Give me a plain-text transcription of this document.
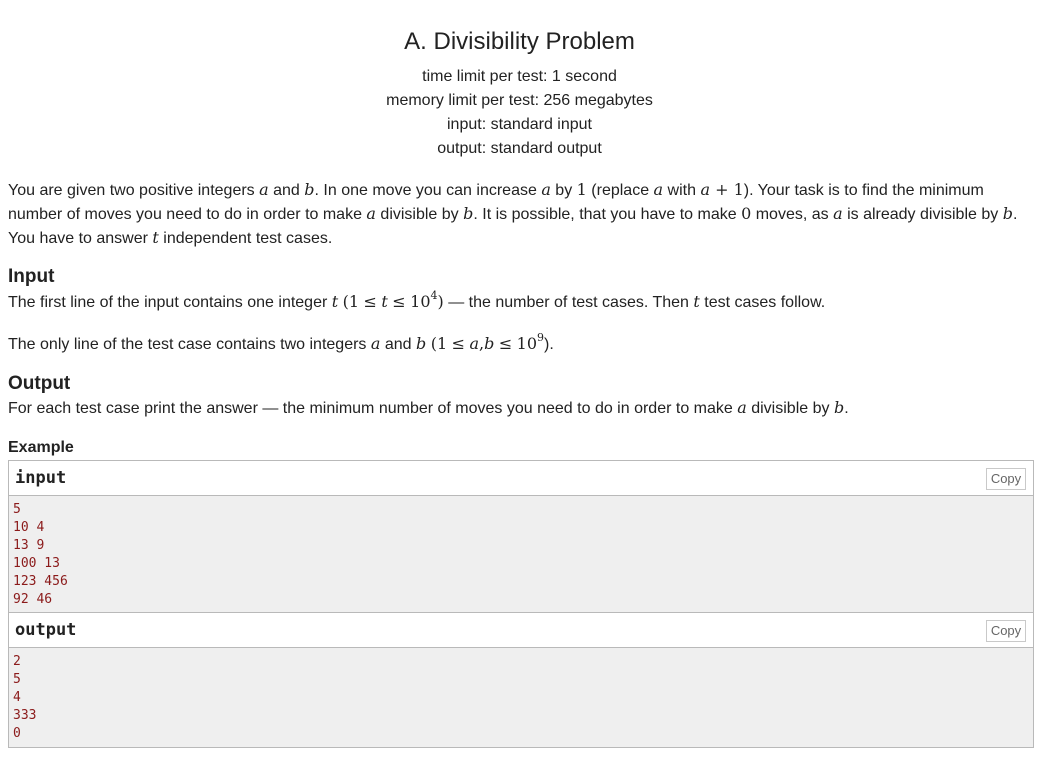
A. Divisibility Problem
time limit per test: 1 second
memory limit per test: 256 megabytes
input: standard input
output: standard output
You are given two positive integers a and b. In one move you can increase a by 1 (replace a with a + 1). Your task is to find the minimum number of moves you need to do in order to make a divisible by b. It is possible, that you have to make 0 moves, as a is already divisible by b. You have to answer t independent test cases.
Input
The first line of the input contains one integer t $(1 \le t \le 10^4)$ — the number of test cases. Then t test cases follow.
The only line of the test case contains two integers a and b $(1 \le a,b \le 10^9)$.
Output
For each test case print the answer — the minimum number of moves you need to do in order to make a divisible by b.
Example
input	Copy
5
10 4
13 9
100 13
123 456
92 46
output	Copy
2
5
4
333
0
